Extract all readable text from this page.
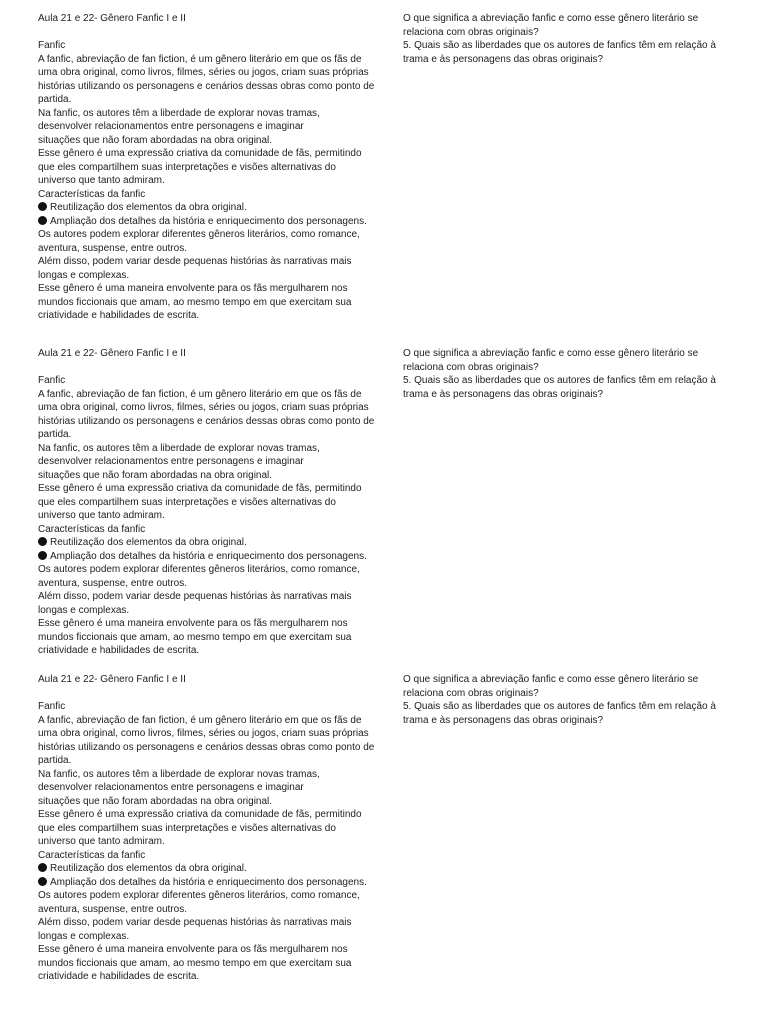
Aula 21 e 22- Gênero Fanfic I e II
Fanfic
A fanfic, abreviação de fan fiction, é um gênero literário em que os fãs de
uma obra original, como livros, filmes, séries ou jogos, criam suas próprias
histórias utilizando os personagens e cenários dessas obras como ponto de
partida.
Na fanfic, os autores têm a liberdade de explorar novas tramas,
desenvolver relacionamentos entre personagens e imaginar
situações que não foram abordadas na obra original.
Esse gênero é uma expressão criativa da comunidade de fãs, permitindo
que eles compartilhem suas interpretações e visões alternativas do
universo que tanto admiram.
Características da fanfic
Reutilização dos elementos da obra original.
Ampliação dos detalhes da história e enriquecimento dos personagens.
Os autores podem explorar diferentes gêneros literários, como romance,
aventura, suspense, entre outros.
Além disso, podem variar desde pequenas histórias às narrativas mais
longas e complexas.
Esse gênero é uma maneira envolvente para os fãs mergulharem nos
mundos ficcionais que amam, ao mesmo tempo em que exercitam sua
criatividade e habilidades de escrita.
O que significa a abreviação fanfic e como esse gênero literário se
relaciona com obras originais?
5. Quais são as liberdades que os autores de fanfics têm em relação à
trama e às personagens das obras originais?
Aula 21 e 22- Gênero Fanfic I e II
Fanfic
A fanfic, abreviação de fan fiction, é um gênero literário em que os fãs de
uma obra original, como livros, filmes, séries ou jogos, criam suas próprias
histórias utilizando os personagens e cenários dessas obras como ponto de
partida.
Na fanfic, os autores têm a liberdade de explorar novas tramas,
desenvolver relacionamentos entre personagens e imaginar
situações que não foram abordadas na obra original.
Esse gênero é uma expressão criativa da comunidade de fãs, permitindo
que eles compartilhem suas interpretações e visões alternativas do
universo que tanto admiram.
Características da fanfic
Reutilização dos elementos da obra original.
Ampliação dos detalhes da história e enriquecimento dos personagens.
Os autores podem explorar diferentes gêneros literários, como romance,
aventura, suspense, entre outros.
Além disso, podem variar desde pequenas histórias às narrativas mais
longas e complexas.
Esse gênero é uma maneira envolvente para os fãs mergulharem nos
mundos ficcionais que amam, ao mesmo tempo em que exercitam sua
criatividade e habilidades de escrita.
O que significa a abreviação fanfic e como esse gênero literário se
relaciona com obras originais?
5. Quais são as liberdades que os autores de fanfics têm em relação à
trama e às personagens das obras originais?
Aula 21 e 22- Gênero Fanfic I e II
Fanfic
A fanfic, abreviação de fan fiction, é um gênero literário em que os fãs de
uma obra original, como livros, filmes, séries ou jogos, criam suas próprias
histórias utilizando os personagens e cenários dessas obras como ponto de
partida.
Na fanfic, os autores têm a liberdade de explorar novas tramas,
desenvolver relacionamentos entre personagens e imaginar
situações que não foram abordadas na obra original.
Esse gênero é uma expressão criativa da comunidade de fãs, permitindo
que eles compartilhem suas interpretações e visões alternativas do
universo que tanto admiram.
Características da fanfic
Reutilização dos elementos da obra original.
Ampliação dos detalhes da história e enriquecimento dos personagens.
Os autores podem explorar diferentes gêneros literários, como romance,
aventura, suspense, entre outros.
Além disso, podem variar desde pequenas histórias às narrativas mais
longas e complexas.
Esse gênero é uma maneira envolvente para os fãs mergulharem nos
mundos ficcionais que amam, ao mesmo tempo em que exercitam sua
criatividade e habilidades de escrita.
O que significa a abreviação fanfic e como esse gênero literário se
relaciona com obras originais?
5. Quais são as liberdades que os autores de fanfics têm em relação à
trama e às personagens das obras originais?
